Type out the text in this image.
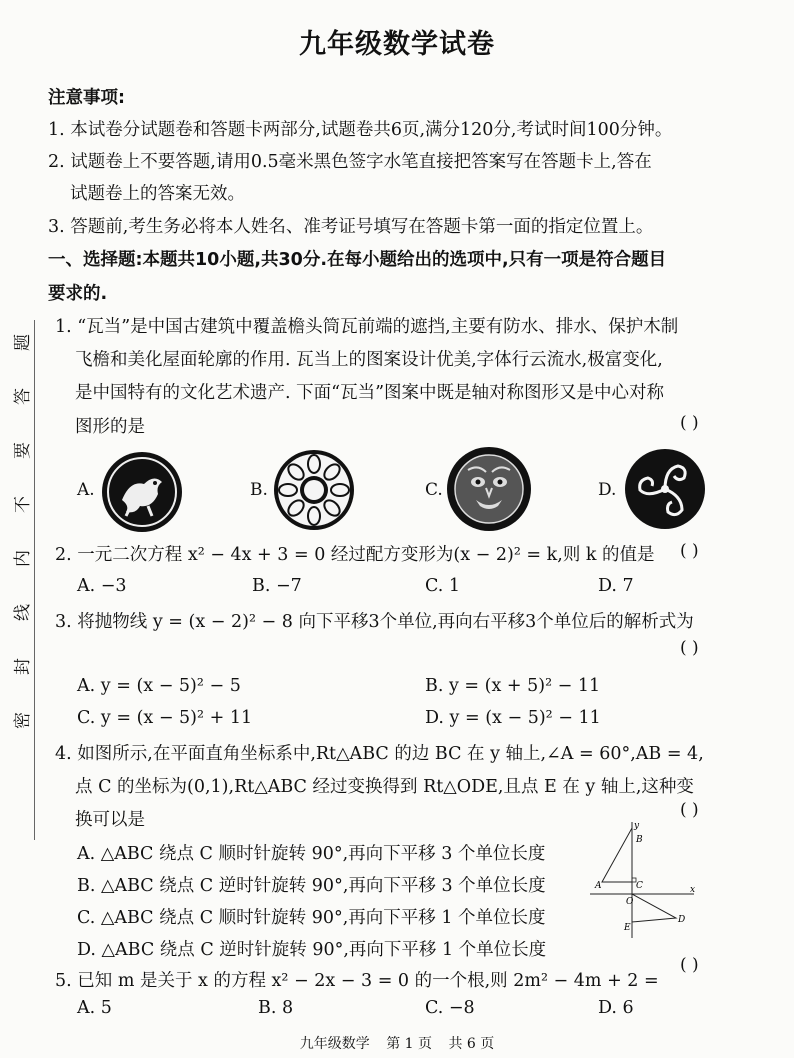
题
答
要
不
内
线
封
密
九年级数学试卷
注意事项:
1. 本试卷分试题卷和答题卡两部分,试题卷共6页,满分120分,考试时间100分钟。
2. 试题卷上不要答题,请用0.5毫米黑色签字水笔直接把答案写在答题卡上,答在
试题卷上的答案无效。
3. 答题前,考生务必将本人姓名、准考证号填写在答题卡第一面的指定位置上。
一、选择题:本题共10小题,共30分.在每小题给出的选项中,只有一项是符合题目
要求的.
1. “瓦当”是中国古建筑中覆盖檐头筒瓦前端的遮挡,主要有防水、排水、保护木制
飞檐和美化屋面轮廓的作用. 瓦当上的图案设计优美,字体行云流水,极富变化,
是中国特有的文化艺术遗产. 下面“瓦当”图案中既是轴对称图形又是中心对称
图形的是	( )
A.	B.	C.	D.
2. 一元二次方程 x² − 4x + 3 = 0 经过配方变形为(x − 2)² = k,则 k 的值是 ( )
A. −3	B. −7	C. 1	D. 7
3. 将抛物线 y = (x − 2)² − 8 向下平移3个单位,再向右平移3个单位后的解析式为
( )
A. y = (x − 5)² − 5	B. y = (x + 5)² − 11
C. y = (x − 5)² + 11	D. y = (x − 5)² − 11
4. 如图所示,在平面直角坐标系中,Rt△ABC 的边 BC 在 y 轴上,∠A = 60°,AB = 4,
点 C 的坐标为(0,1),Rt△ABC 经过变换得到 Rt△ODE,且点 E 在 y 轴上,这种变
换可以是	( )
A. △ABC 绕点 C 顺时针旋转 90°,再向下平移 3 个单位长度
B. △ABC 绕点 C 逆时针旋转 90°,再向下平移 3 个单位长度
C. △ABC 绕点 C 顺时针旋转 90°,再向下平移 1 个单位长度
D. △ABC 绕点 C 逆时针旋转 90°,再向下平移 1 个单位长度
y
B
A	C	x
O
D
E
5. 已知 m 是关于 x 的方程 x² − 2x − 3 = 0 的一个根,则 2m² − 4m + 2 =
( )
A. 5	B. 8	C. −8	D. 6
九年级数学 第 1 页 共 6 页
